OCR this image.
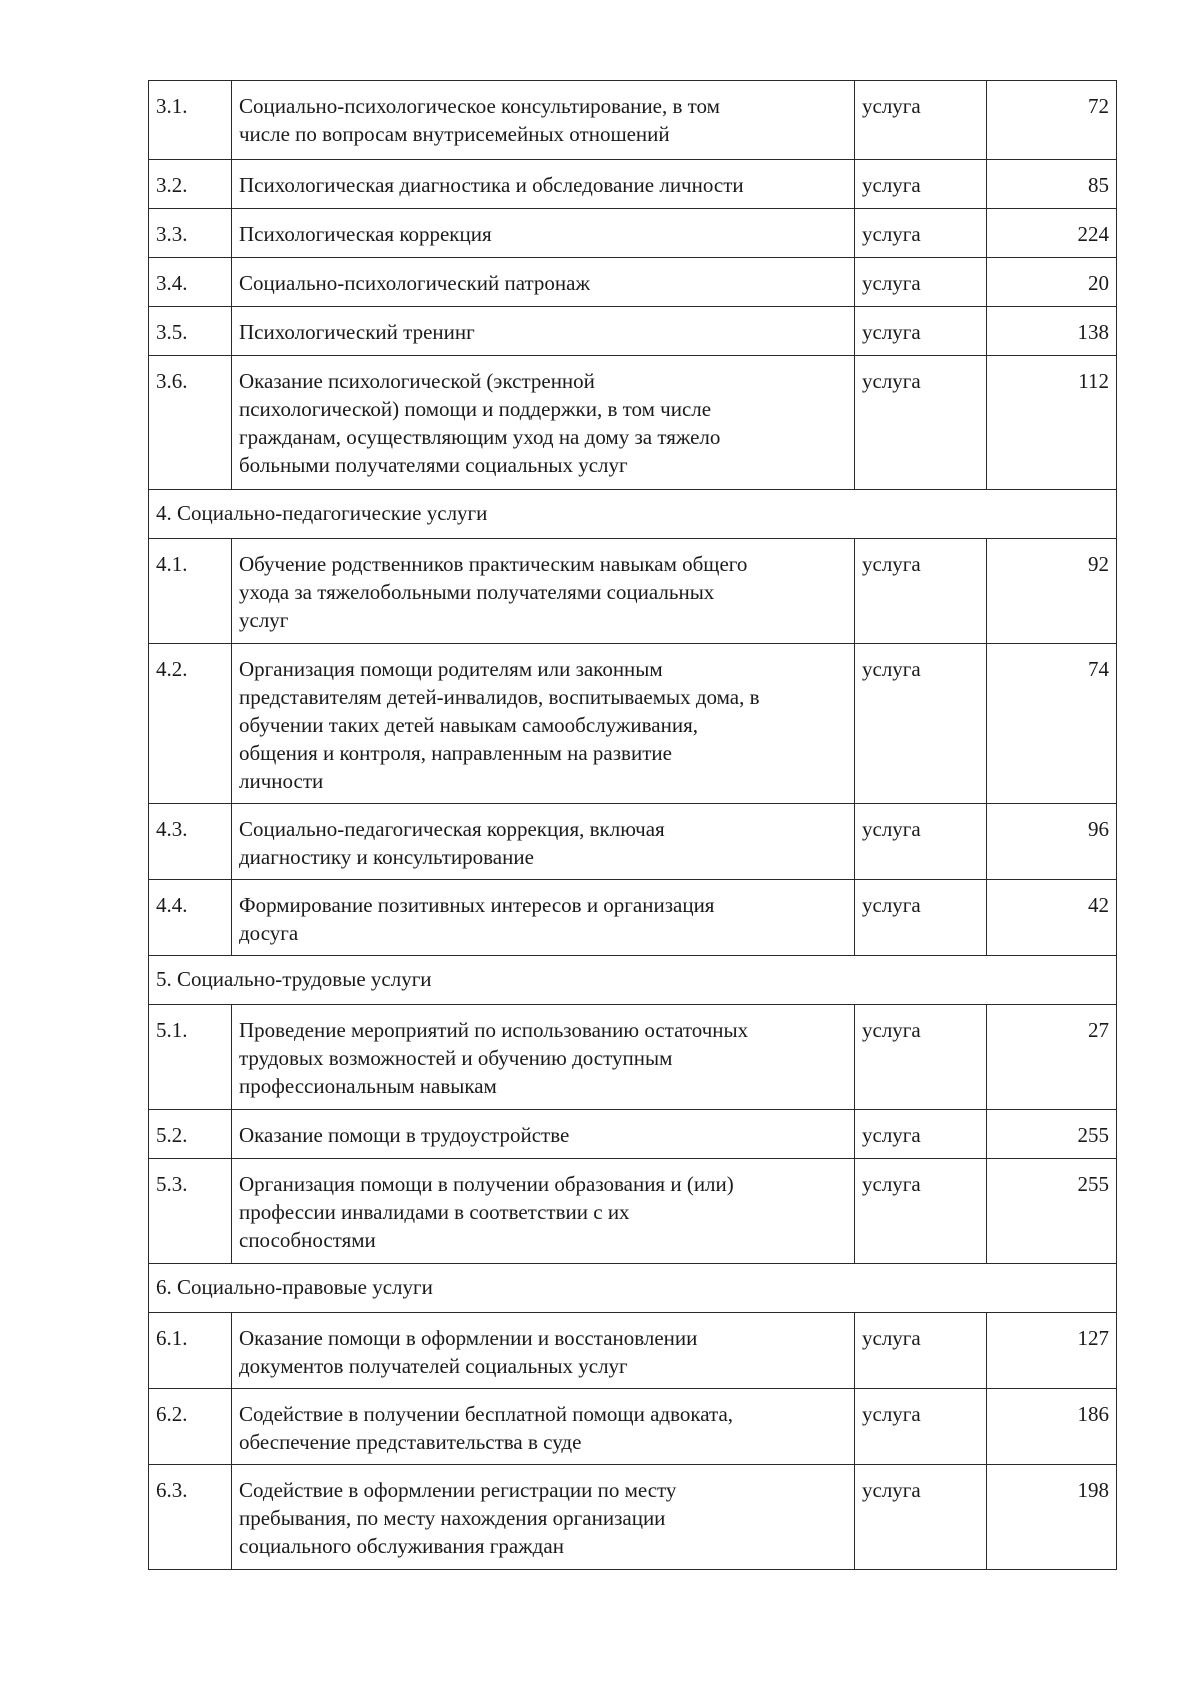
3.1.	Социально-психологическое консультирование, в том
числе по вопросам внутрисемейных отношений	услуга	72
3.2.	Психологическая диагностика и обследование личности	услуга	85
3.3.	Психологическая коррекция	услуга	224
3.4.	Социально-психологический патронаж	услуга	20
3.5.	Психологический тренинг	услуга	138
3.6.	Оказание психологической (экстренной
психологической) помощи и поддержки, в том числе
гражданам, осуществляющим уход на дому за тяжело
больными получателями социальных услуг	услуга	112
4. Социально-педагогические услуги			
4.1.	Обучение родственников практическим навыкам общего
ухода за тяжелобольными получателями социальных
услуг	услуга	92
4.2.	Организация помощи родителям или законным
представителям детей-инвалидов, воспитываемых дома, в
обучении таких детей навыкам самообслуживания,
общения и контроля, направленным на развитие
личности	услуга	74
4.3.	Социально-педагогическая коррекция, включая
диагностику и консультирование	услуга	96
4.4.	Формирование позитивных интересов и организация
досуга	услуга	42
5. Социально-трудовые услуги			
5.1.	Проведение мероприятий по использованию остаточных
трудовых возможностей и обучению доступным
профессиональным навыкам	услуга	27
5.2.	Оказание помощи в трудоустройстве	услуга	255
5.3.	Организация помощи в получении образования и (или)
профессии инвалидами в соответствии с их
способностями	услуга	255
6. Социально-правовые услуги			
6.1.	Оказание помощи в оформлении и восстановлении
документов получателей социальных услуг	услуга	127
6.2.	Содействие в получении бесплатной помощи адвоката,
обеспечение представительства в суде	услуга	186
6.3.	Содействие в оформлении регистрации по месту
пребывания, по месту нахождения организации
социального обслуживания граждан	услуга	198
